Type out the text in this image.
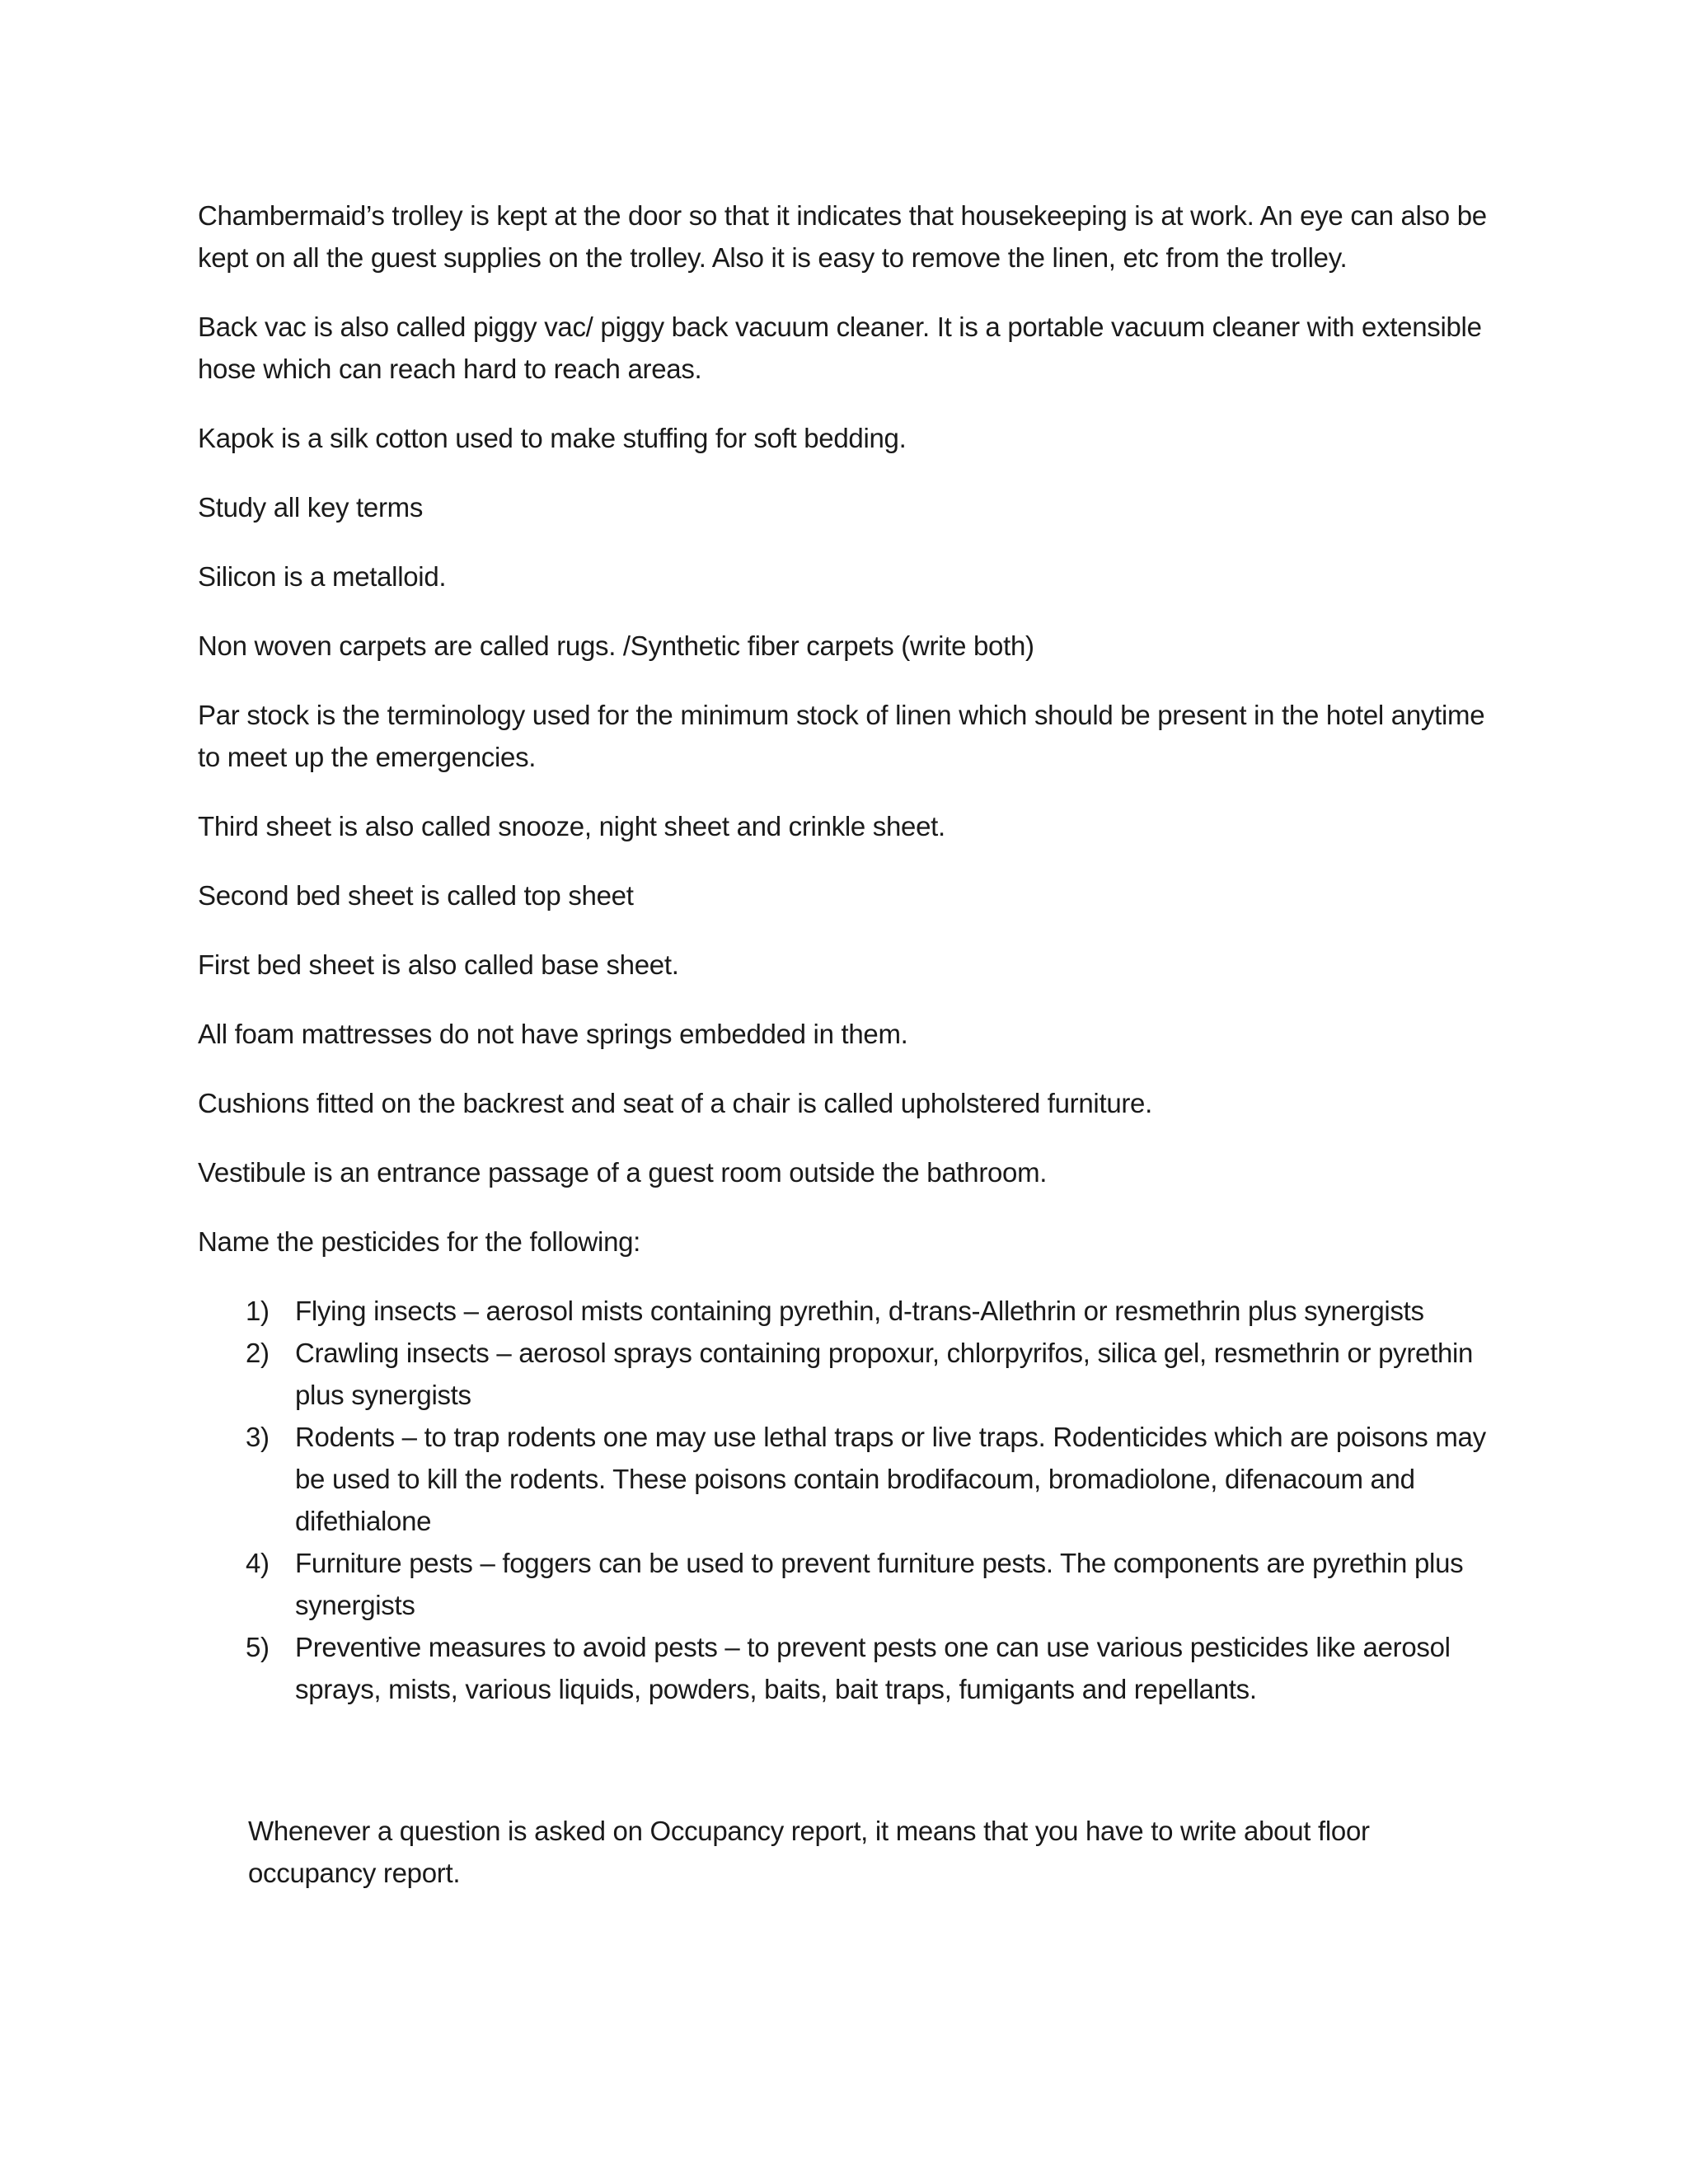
Chambermaid’s trolley is kept at the door so that it indicates that housekeeping is at work. An eye can also be kept on all the guest supplies on the trolley. Also it is easy to remove the linen, etc from the trolley.

Back vac is also called piggy vac/ piggy back vacuum cleaner. It is a portable vacuum cleaner with extensible hose which can reach hard to reach areas.

Kapok is a silk cotton used to make stuffing for soft bedding.

Study all key terms

Silicon is a metalloid.

Non woven carpets are called rugs. /Synthetic fiber carpets (write both)

Par stock is the terminology used for the minimum stock of linen which should be present in the hotel anytime to meet up the emergencies.

Third sheet is also called snooze, night sheet and crinkle sheet.

Second bed sheet is called top sheet

First bed sheet is also called base sheet.

All foam mattresses do not have springs embedded in them.

Cushions fitted on the backrest and seat of a chair is called upholstered furniture.

Vestibule is an entrance passage of a guest room outside the bathroom.

Name the pesticides for the following:

1) Flying insects – aerosol mists containing pyrethin, d-trans-Allethrin or resmethrin plus synergists
2) Crawling insects – aerosol sprays containing propoxur, chlorpyrifos, silica gel, resmethrin or pyrethin plus synergists
3) Rodents – to trap rodents one may use lethal traps or live traps. Rodenticides which are poisons may be used to kill the rodents. These poisons contain brodifacoum, bromadiolone, difenacoum and difethialone
4) Furniture pests – foggers can be used to prevent furniture pests. The components are pyrethin plus synergists
5) Preventive measures to avoid pests – to prevent pests one can use various pesticides like aerosol sprays, mists, various liquids, powders, baits, bait traps, fumigants and repellants.

Whenever a question is asked on Occupancy report, it means that you have to write about floor occupancy report.
